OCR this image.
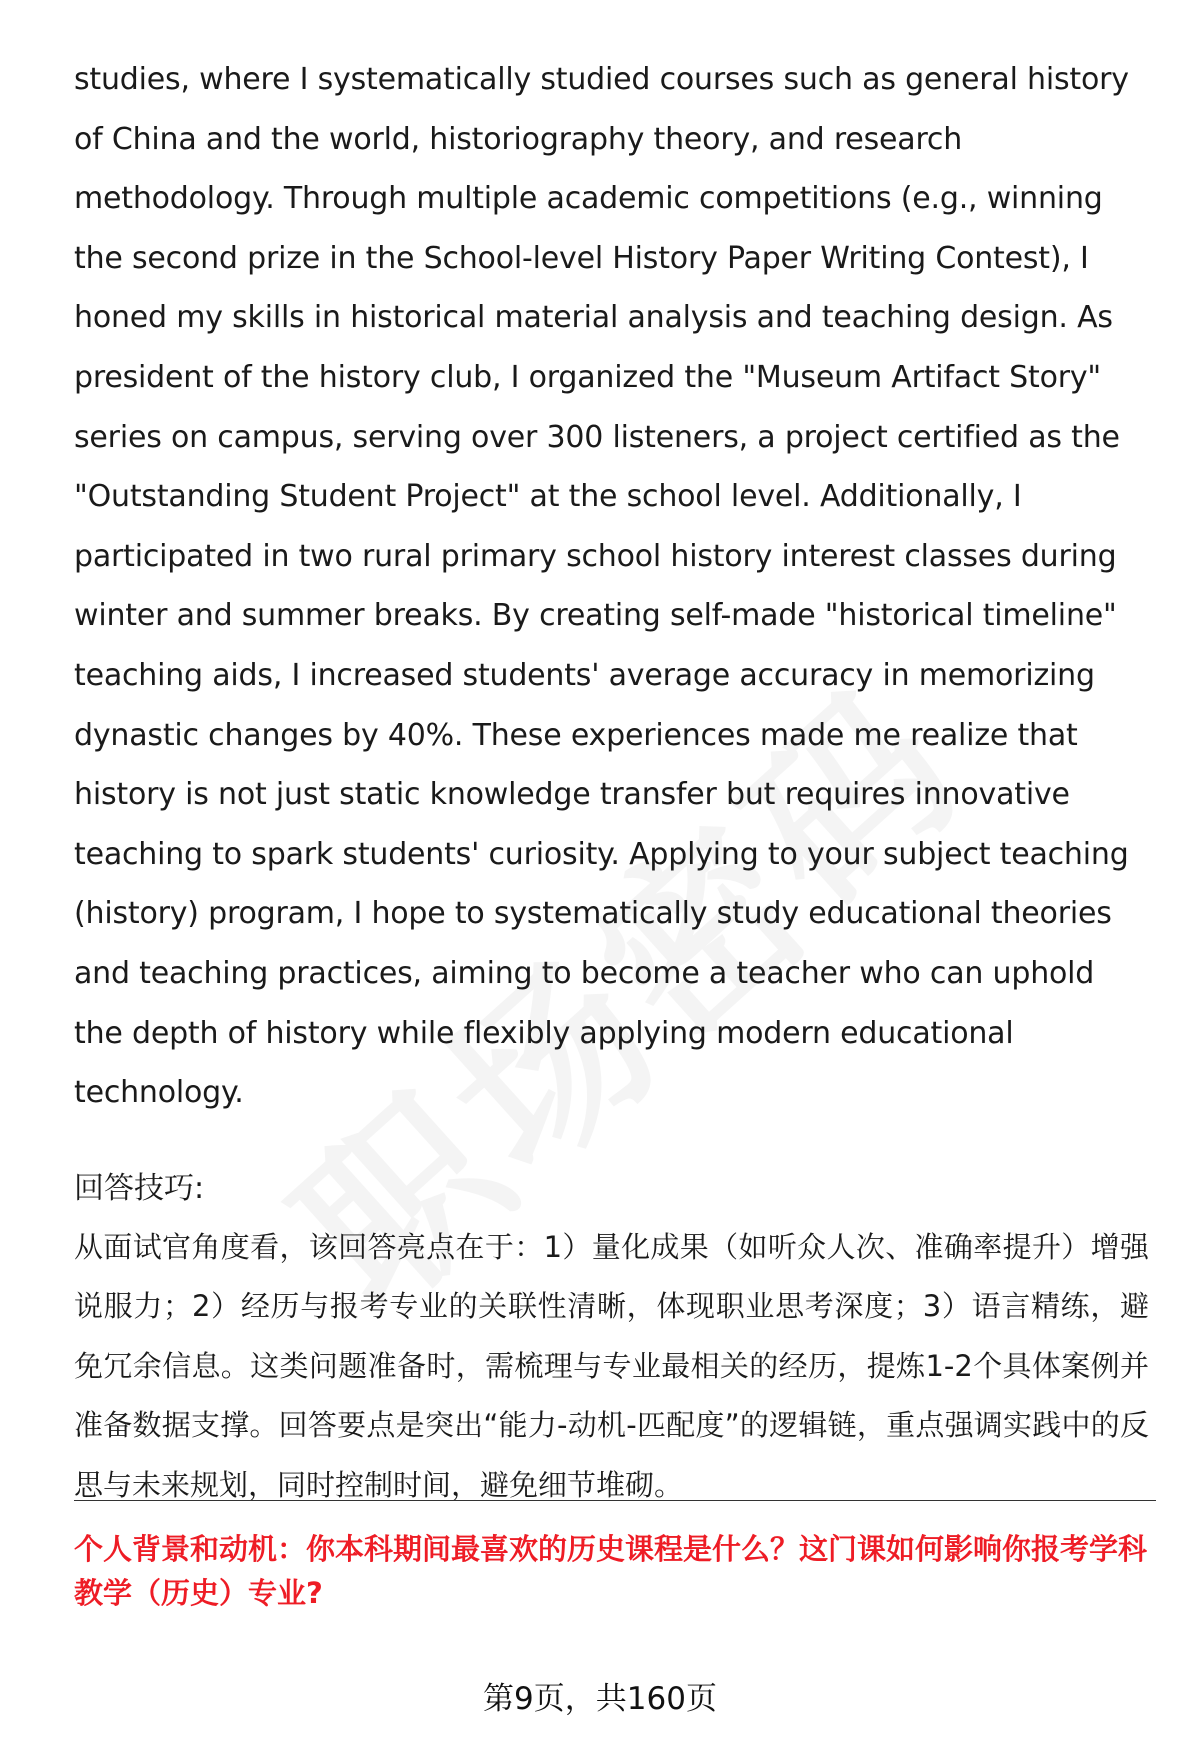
studies, where I systematically studied courses such as general history of China and the world, historiography theory, and research methodology. Through multiple academic competitions (e.g., winning the second prize in the School-level History Paper Writing Contest), I honed my skills in historical material analysis and teaching design. As president of the history club, I organized the "Museum Artifact Story" series on campus, serving over 300 listeners, a project certified as the "Outstanding Student Project" at the school level. Additionally, I participated in two rural primary school history interest classes during winter and summer breaks. By creating self-made "historical timeline" teaching aids, I increased students' average accuracy in memorizing dynastic changes by 40%. These experiences made me realize that history is not just static knowledge transfer but requires innovative teaching to spark students' curiosity. Applying to your subject teaching (history) program, I hope to systematically study educational theories and teaching practices, aiming to become a teacher who can uphold the depth of history while flexibly applying modern educational technology.

回答技巧:

从面试官角度看，该回答亮点在于：1）量化成果（如听众人次、准确率提升）增强说服力；2）经历与报考专业的关联性清晰，体现职业思考深度；3）语言精练，避免冗余信息。这类问题准备时，需梳理与专业最相关的经历，提炼1-2个具体案例并准备数据支撑。回答要点是突出“能力-动机-匹配度”的逻辑链，重点强调实践中的反思与未来规划，同时控制时间，避免细节堆砌。

个人背景和动机：你本科期间最喜欢的历史课程是什么？这门课如何影响你报考学科教学（历史）专业?

第9页，共160页
